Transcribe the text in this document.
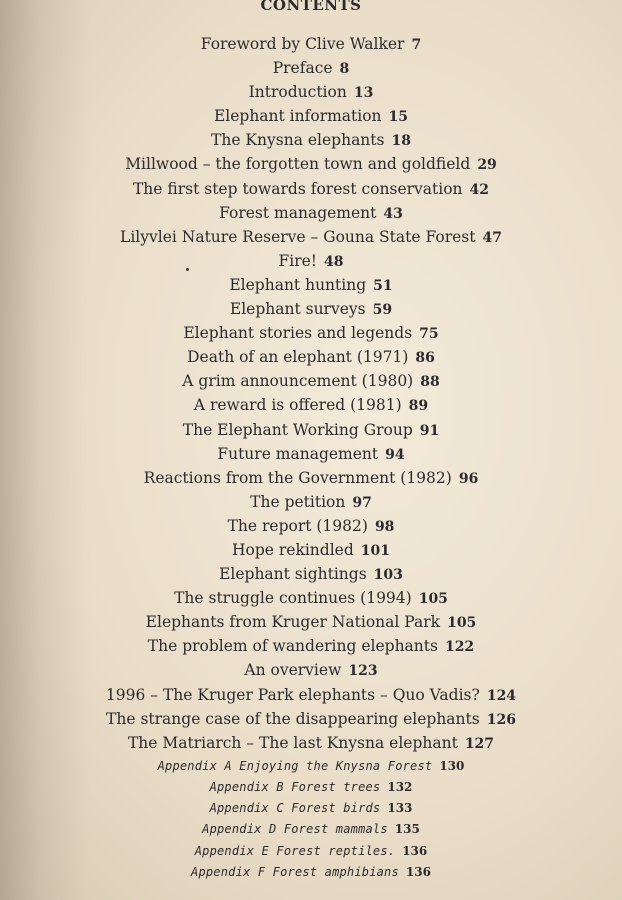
CONTENTS
Foreword by Clive Walker 7
Preface 8
Introduction 13
Elephant information 15
The Knysna elephants 18
Millwood – the forgotten town and goldfield 29
The first step towards forest conservation 42
Forest management 43
Lilyvlei Nature Reserve – Gouna State Forest 47
Fire! 48
Elephant hunting 51
Elephant surveys 59
Elephant stories and legends 75
Death of an elephant (1971) 86
A grim announcement (1980) 88
A reward is offered (1981) 89
The Elephant Working Group 91
Future management 94
Reactions from the Government (1982) 96
The petition 97
The report (1982) 98
Hope rekindled 101
Elephant sightings 103
The struggle continues (1994) 105
Elephants from Kruger National Park 105
The problem of wandering elephants 122
An overview 123
1996 – The Kruger Park elephants – Quo Vadis? 124
The strange case of the disappearing elephants 126
The Matriarch – The last Knysna elephant 127
Appendix A Enjoying the Knysna Forest 130
Appendix B Forest trees 132
Appendix C Forest birds 133
Appendix D Forest mammals 135
Appendix E Forest reptiles. 136
Appendix F Forest amphibians 136
